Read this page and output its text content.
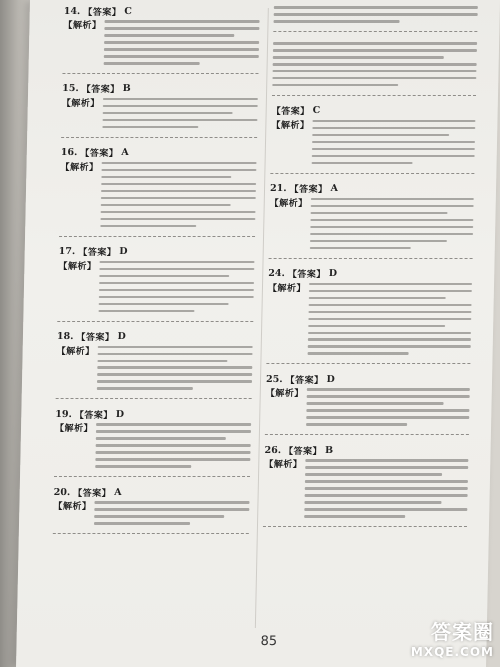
14. 【答案】 C
【解析】
15. 【答案】 B
【解析】
16. 【答案】 A
【解析】
17. 【答案】 D
【解析】
18. 【答案】 D
【解析】
19. 【答案】 D
【解析】
20. 【答案】 A
【解析】
【答案】 C
【解析】
21. 【答案】 A
【解析】
24. 【答案】 D
【解析】
25. 【答案】 D
【解析】
26. 【答案】 B
【解析】
85	答案圈
MXQE.COM
